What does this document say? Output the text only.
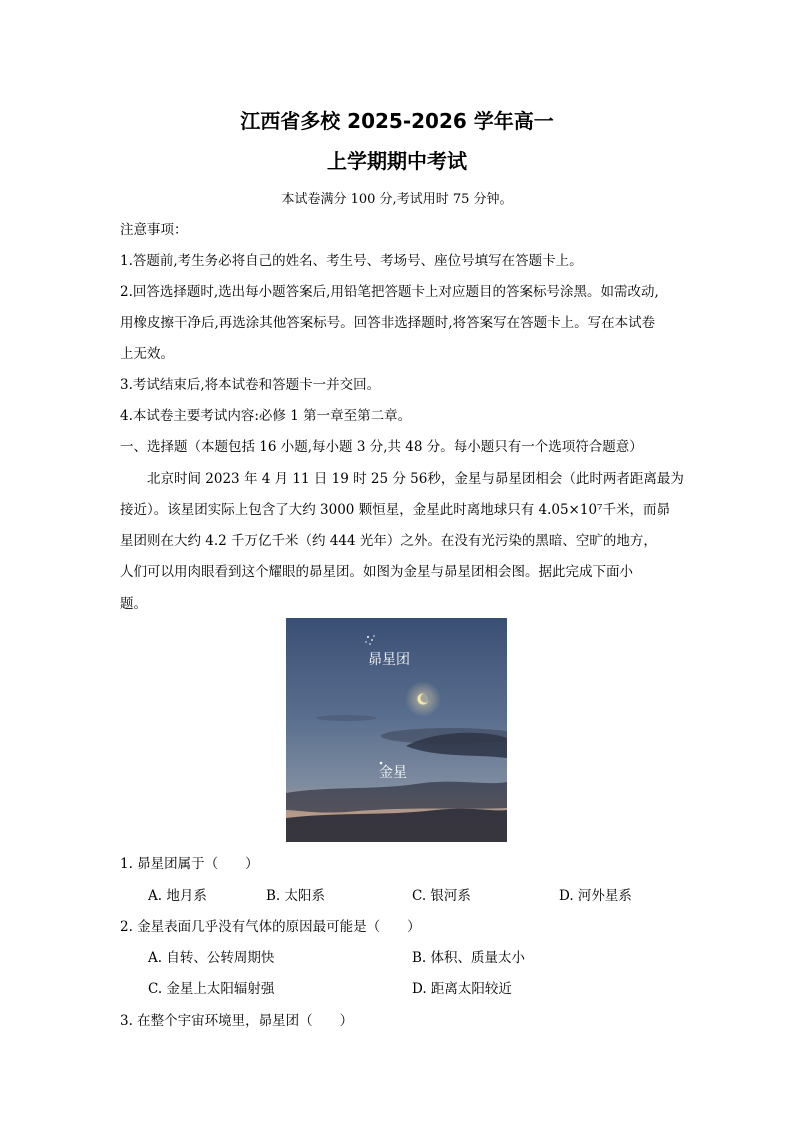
江西省多校 2025-2026 学年高一
上学期期中考试
本试卷满分 100 分,考试用时 75 分钟。
注意事项：
1.答题前,考生务必将自己的姓名、考生号、考场号、座位号填写在答题卡上。
2.回答选择题时,选出每小题答案后,用铅笔把答题卡上对应题目的答案标号涂黑。如需改动,
用橡皮擦干净后,再选涂其他答案标号。回答非选择题时,将答案写在答题卡上。写在本试卷
上无效。
3.考试结束后,将本试卷和答题卡一并交回。
4.本试卷主要考试内容:必修 1 第一章至第二章。
一、选择题（本题包括 16 小题,每小题 3 分,共 48 分。每小题只有一个选项符合题意）
北京时间 2023 年 4 月 11 日 19 时 25 分 56秒，金星与昴星团相会（此时两者距离最为
接近）。该星团实际上包含了大约 3000 颗恒星，金星此时离地球只有 4.05×10⁷千米，而昴
星团则在大约 4.2 千万亿千米（约 444 光年）之外。在没有光污染的黑暗、空旷的地方，
人们可以用肉眼看到这个耀眼的昴星团。如图为金星与昴星团相会图。据此完成下面小
题。
昴星团
金星
1. 昴星团属于（　　）
A. 地月系	B. 太阳系	C. 银河系	D. 河外星系
2. 金星表面几乎没有气体的原因最可能是（　　）
A. 自转、公转周期快	B. 体积、质量太小
C. 金星上太阳辐射强	D. 距离太阳较近
3. 在整个宇宙环境里，昴星团（　　）
